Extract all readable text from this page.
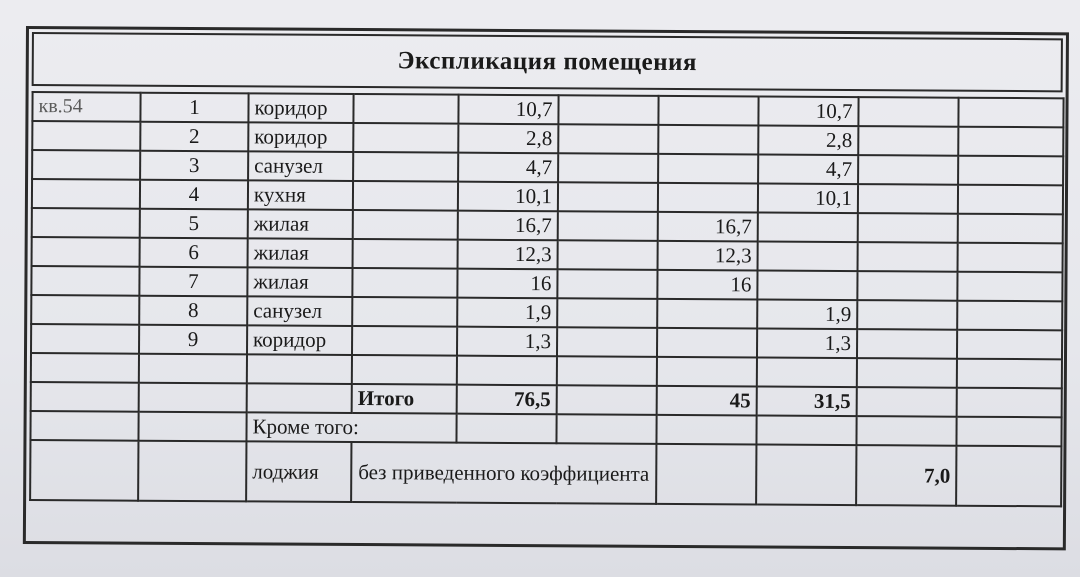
Экспликация помещения
кв.54	1	коридор		10,7			10,7		
	2	коридор		2,8			2,8		
	3	санузел		4,7			4,7		
	4	кухня		10,1			10,1		
	5	жилая		16,7		16,7			
	6	жилая		12,3		12,3			
	7	жилая		16		16			
	8	санузел		1,9			1,9		
	9	коридор		1,3			1,3		

			Итого	76,5		45	31,5		
		Кроме того:							
		лоджия	без приведенного коэффициента					7,0	
